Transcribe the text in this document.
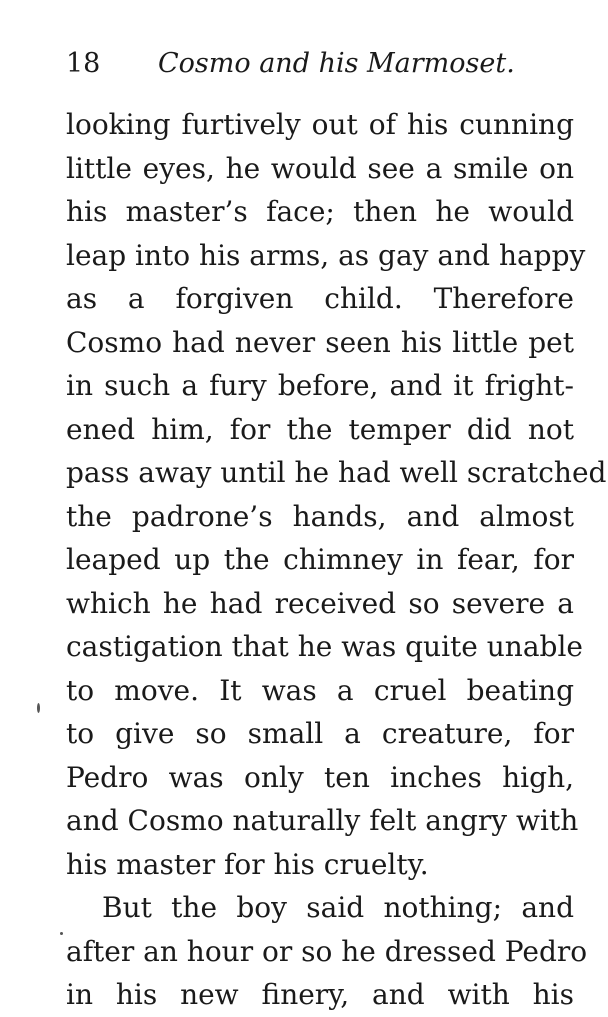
18 Cosmo and his Marmoset.
looking furtively out of his cunning
little eyes, he would see a smile on
his master’s face; then he would
leap into his arms, as gay and happy
as a forgiven child. Therefore
Cosmo had never seen his little pet
in such a fury before, and it fright-
ened him, for the temper did not
pass away until he had well scratched
the padrone’s hands, and almost
leaped up the chimney in fear, for
which he had received so severe a
castigation that he was quite unable
to move. It was a cruel beating
to give so small a creature, for
Pedro was only ten inches high,
and Cosmo naturally felt angry with
his master for his cruelty.
But the boy said nothing; and
after an hour or so he dressed Pedro
in his new finery, and with his
